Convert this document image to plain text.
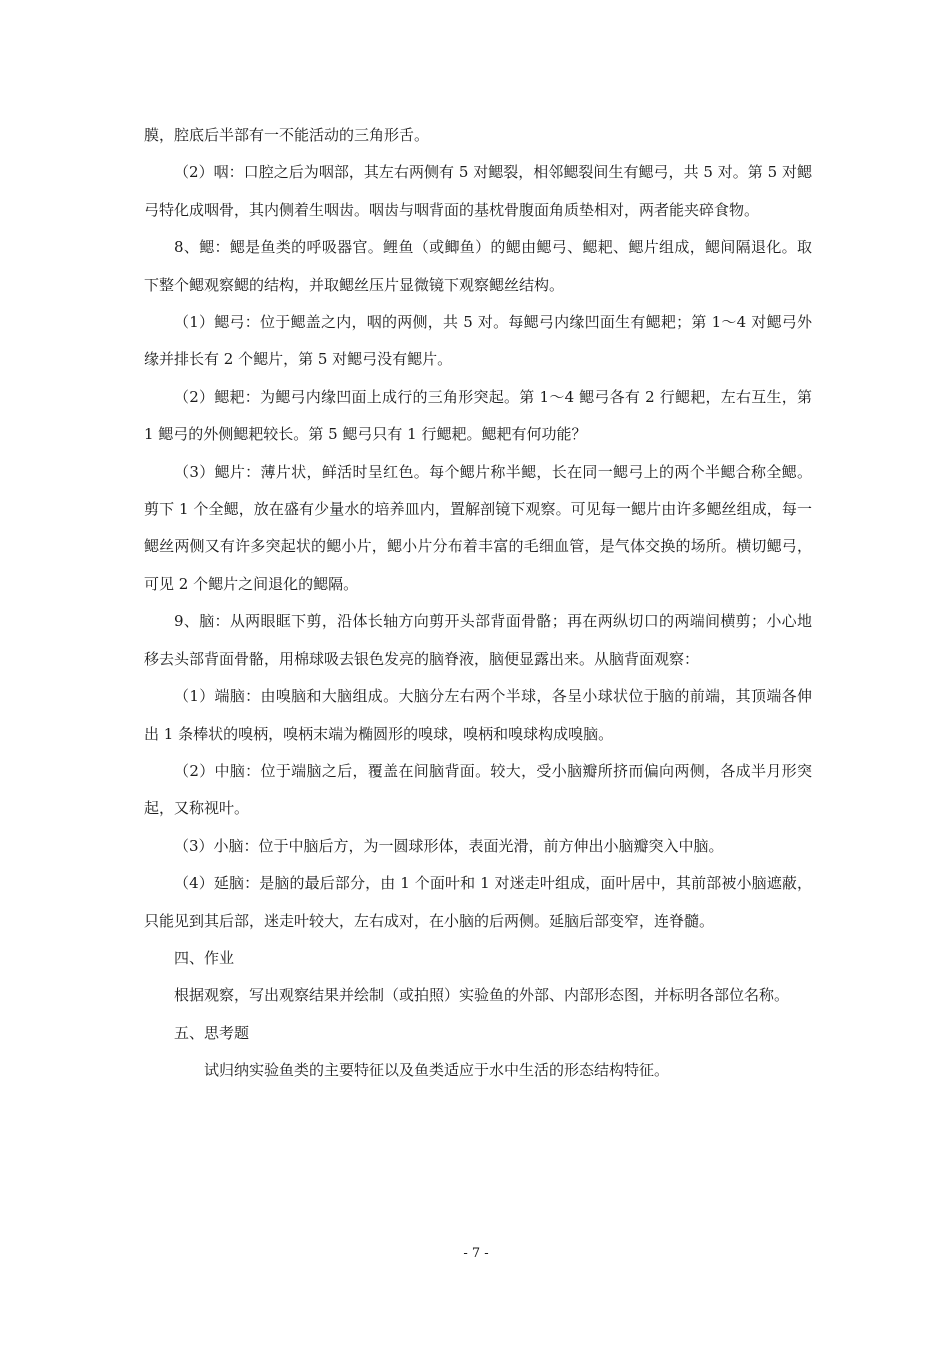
膜，腔底后半部有一不能活动的三角形舌。

（2）咽：口腔之后为咽部，其左右两侧有 5 对鳃裂，相邻鳃裂间生有鳃弓，共 5 对。第 5 对鳃弓特化成咽骨，其内侧着生咽齿。咽齿与咽背面的基枕骨腹面角质垫相对，两者能夹碎食物。

8、鳃：鳃是鱼类的呼吸器官。鲤鱼（或鲫鱼）的鳃由鳃弓、鳃耙、鳃片组成，鳃间隔退化。取下整个鳃观察鳃的结构，并取鳃丝压片显微镜下观察鳃丝结构。

（1）鳃弓：位于鳃盖之内，咽的两侧，共 5 对。每鳃弓内缘凹面生有鳃耙；第 1～4 对鳃弓外缘并排长有 2 个鳃片，第 5 对鳃弓没有鳃片。

（2）鳃耙：为鳃弓内缘凹面上成行的三角形突起。第 1～4 鳃弓各有 2 行鳃耙，左右互生，第 1 鳃弓的外侧鳃耙较长。第 5 鳃弓只有 1 行鳃耙。鳃耙有何功能？

（3）鳃片：薄片状，鲜活时呈红色。每个鳃片称半鳃，长在同一鳃弓上的两个半鳃合称全鳃。剪下 1 个全鳃，放在盛有少量水的培养皿内，置解剖镜下观察。可见每一鳃片由许多鳃丝组成，每一鳃丝两侧又有许多突起状的鳃小片，鳃小片分布着丰富的毛细血管，是气体交换的场所。横切鳃弓，可见 2 个鳃片之间退化的鳃隔。

9、脑：从两眼眶下剪，沿体长轴方向剪开头部背面骨骼；再在两纵切口的两端间横剪；小心地移去头部背面骨骼，用棉球吸去银色发亮的脑脊液，脑便显露出来。从脑背面观察：

（1）端脑：由嗅脑和大脑组成。大脑分左右两个半球，各呈小球状位于脑的前端，其顶端各伸出 1 条棒状的嗅柄，嗅柄末端为椭圆形的嗅球，嗅柄和嗅球构成嗅脑。

（2）中脑：位于端脑之后，覆盖在间脑背面。较大，受小脑瓣所挤而偏向两侧，各成半月形突起，又称视叶。

（3）小脑：位于中脑后方，为一圆球形体，表面光滑，前方伸出小脑瓣突入中脑。

（4）延脑：是脑的最后部分，由 1 个面叶和 1 对迷走叶组成，面叶居中，其前部被小脑遮蔽，只能见到其后部，迷走叶较大，左右成对，在小脑的后两侧。延脑后部变窄，连脊髓。

四、作业

根据观察，写出观察结果并绘制（或拍照）实验鱼的外部、内部形态图，并标明各部位名称。

五、思考题

试归纳实验鱼类的主要特征以及鱼类适应于水中生活的形态结构特征。

- 7 -
